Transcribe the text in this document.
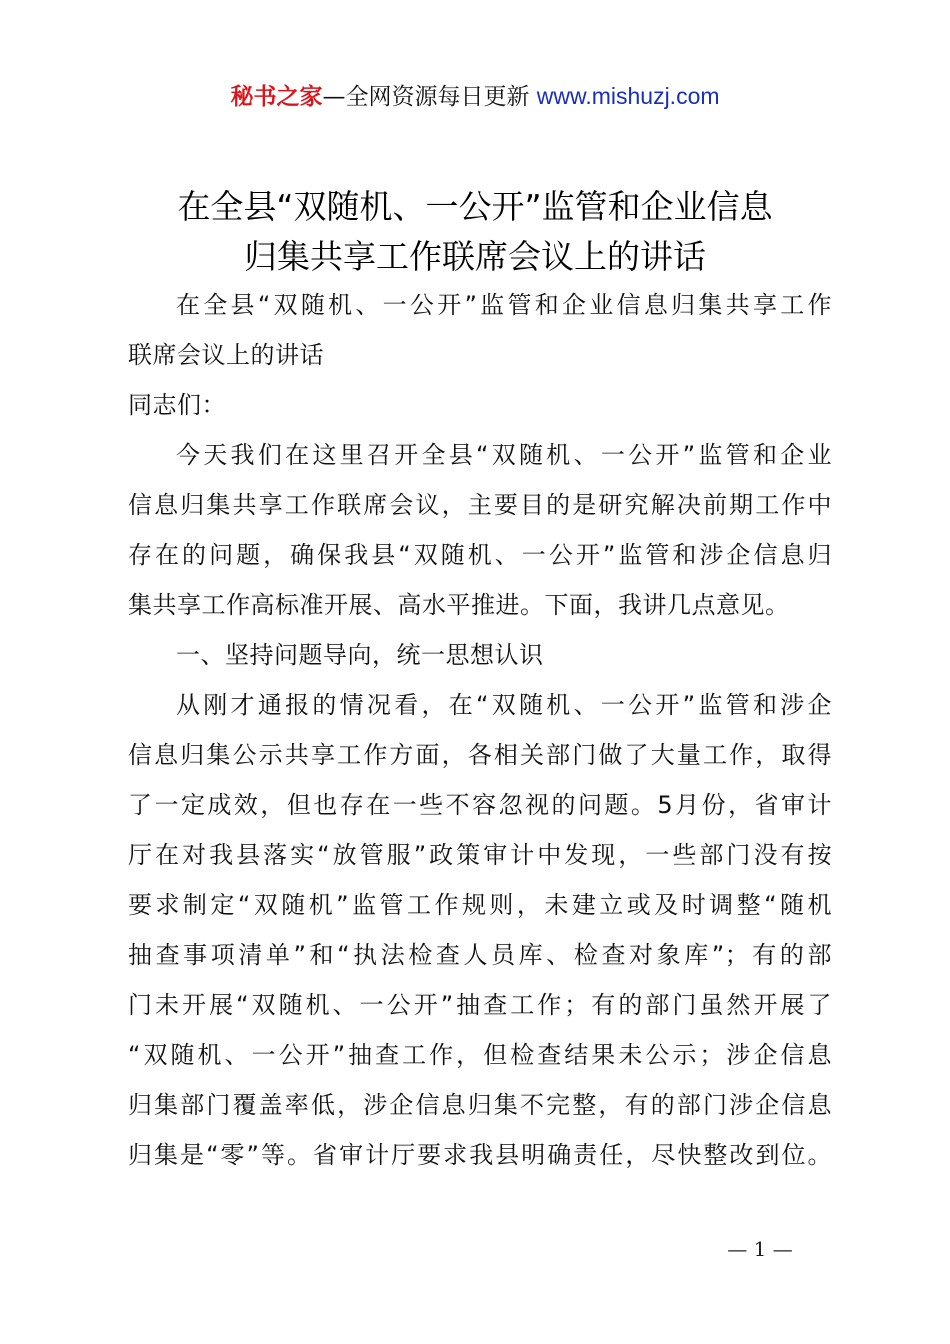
秘书之家—全网资源每日更新 www.mishuzj.com
在全县“双随机、一公开”监管和企业信息
归集共享工作联席会议上的讲话
在全县“双随机、一公开”监管和企业信息归集共享工作
联席会议上的讲话
同志们：
今天我们在这里召开全县“双随机、一公开”监管和企业
信息归集共享工作联席会议，主要目的是研究解决前期工作中
存在的问题，确保我县“双随机、一公开”监管和涉企信息归
集共享工作高标准开展、高水平推进。下面，我讲几点意见。
一、坚持问题导向，统一思想认识
从刚才通报的情况看，在“双随机、一公开”监管和涉企
信息归集公示共享工作方面，各相关部门做了大量工作，取得
了一定成效，但也存在一些不容忽视的问题。5月份，省审计
厅在对我县落实“放管服”政策审计中发现，一些部门没有按
要求制定“双随机”监管工作规则，未建立或及时调整“随机
抽查事项清单”和“执法检查人员库、检查对象库”；有的部
门未开展“双随机、一公开”抽查工作；有的部门虽然开展了
“双随机、一公开”抽查工作，但检查结果未公示；涉企信息
归集部门覆盖率低，涉企信息归集不完整，有的部门涉企信息
归集是“零”等。省审计厅要求我县明确责任，尽快整改到位。
— 1 —
